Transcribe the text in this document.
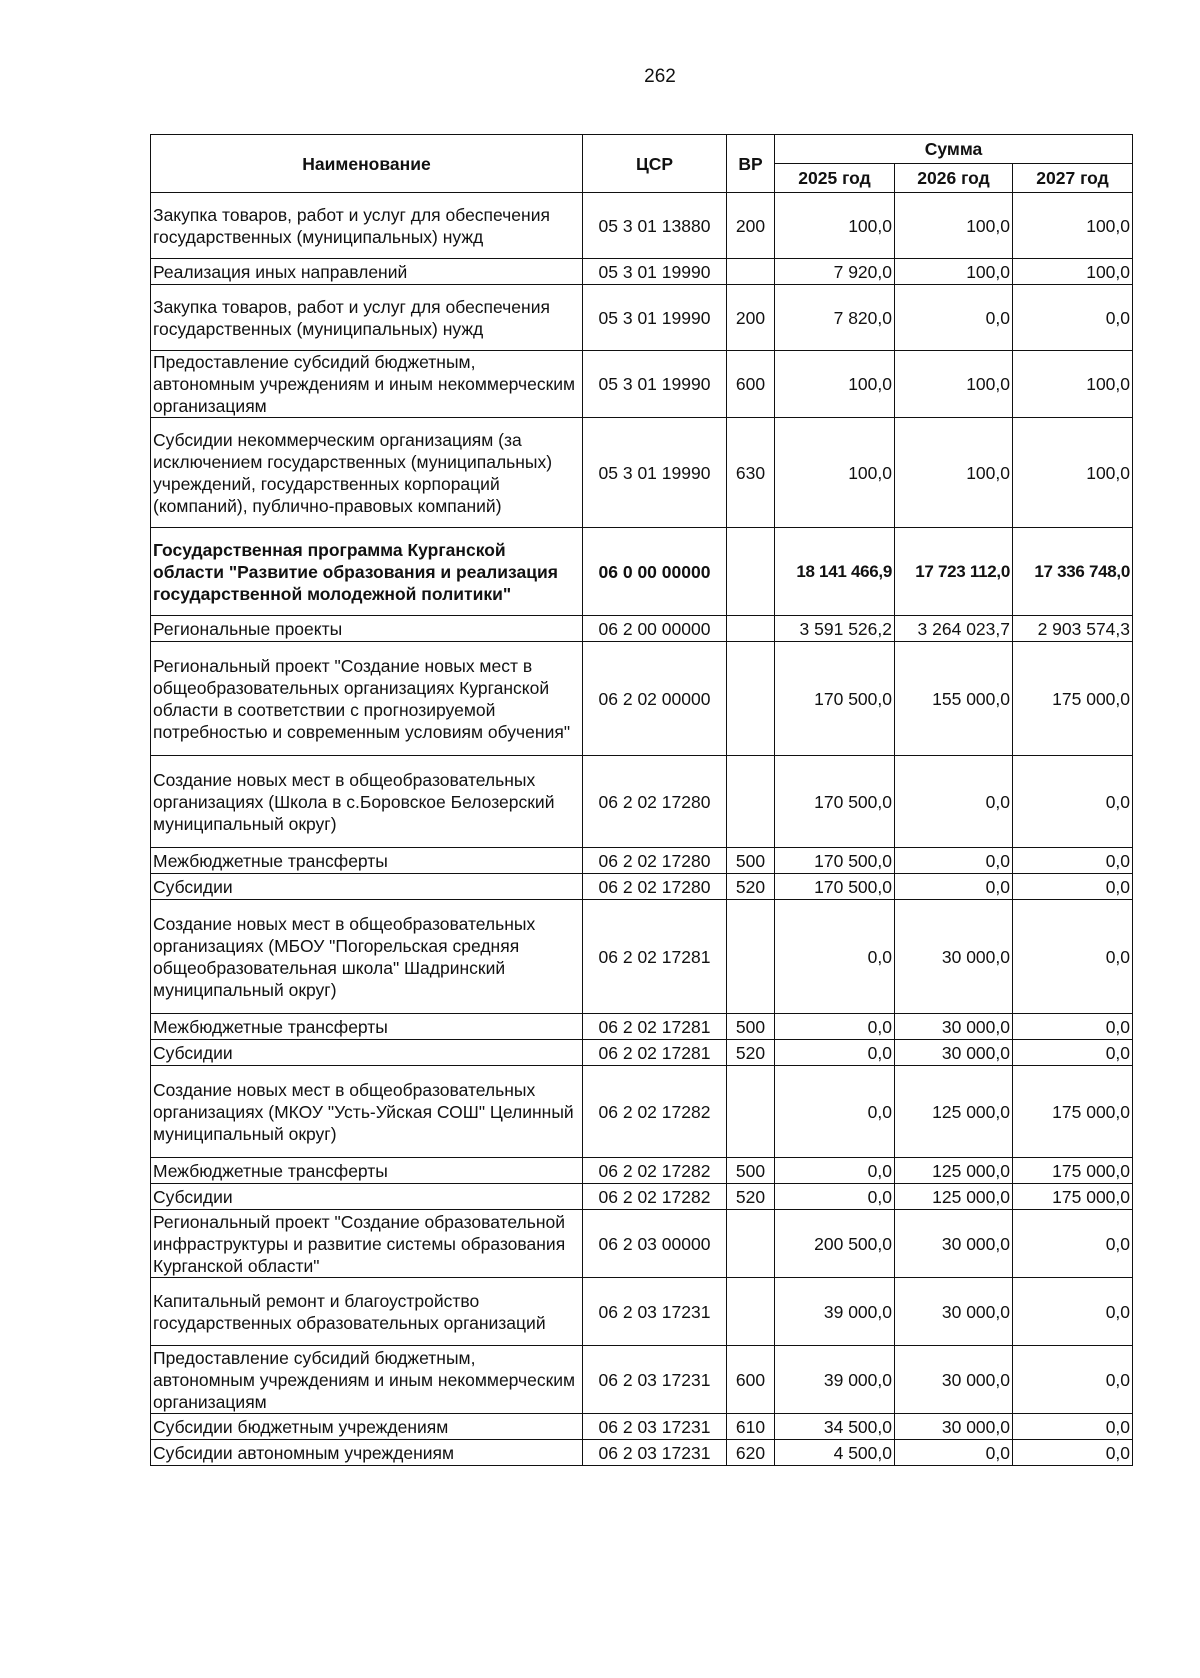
262
Наименование	ЦСР	ВР	Сумма		
			2025 год	2026 год	2027 год
Закупка товаров, работ и услуг для обеспечения государственных (муниципальных) нужд	05 3 01 13880	200	100,0	100,0	100,0
Реализация иных направлений	05 3 01 19990		7 920,0	100,0	100,0
Закупка товаров, работ и услуг для обеспечения государственных (муниципальных) нужд	05 3 01 19990	200	7 820,0	0,0	0,0
Предоставление субсидий бюджетным, автономным учреждениям и иным некоммерческим организациям	05 3 01 19990	600	100,0	100,0	100,0
Субсидии некоммерческим организациям (за исключением государственных (муниципальных) учреждений, государственных корпораций (компаний), публично-правовых компаний)	05 3 01 19990	630	100,0	100,0	100,0
Государственная программа Курганской области "Развитие образования и реализация государственной молодежной политики"	06 0 00 00000		18 141 466,9	17 723 112,0	17 336 748,0
Региональные проекты	06 2 00 00000		3 591 526,2	3 264 023,7	2 903 574,3
Региональный проект "Создание новых мест в общеобразовательных организациях Курганской области в соответствии с прогнозируемой потребностью и современным условиям обучения"	06 2 02 00000		170 500,0	155 000,0	175 000,0
Создание новых мест в общеобразовательных организациях (Школа в с.Боровское Белозерский муниципальный округ)	06 2 02 17280		170 500,0	0,0	0,0
Межбюджетные трансферты	06 2 02 17280	500	170 500,0	0,0	0,0
Субсидии	06 2 02 17280	520	170 500,0	0,0	0,0
Создание новых мест в общеобразовательных организациях (МБОУ "Погорельская средняя общеобразовательная школа" Шадринский муниципальный округ)	06 2 02 17281		0,0	30 000,0	0,0
Межбюджетные трансферты	06 2 02 17281	500	0,0	30 000,0	0,0
Субсидии	06 2 02 17281	520	0,0	30 000,0	0,0
Создание новых мест в общеобразовательных организациях (МКОУ "Усть-Уйская СОШ" Целинный муниципальный округ)	06 2 02 17282		0,0	125 000,0	175 000,0
Межбюджетные трансферты	06 2 02 17282	500	0,0	125 000,0	175 000,0
Субсидии	06 2 02 17282	520	0,0	125 000,0	175 000,0
Региональный проект "Создание образовательной инфраструктуры и развитие системы образования Курганской области"	06 2 03 00000		200 500,0	30 000,0	0,0
Капитальный ремонт и благоустройство государственных образовательных организаций	06 2 03 17231		39 000,0	30 000,0	0,0
Предоставление субсидий бюджетным, автономным учреждениям и иным некоммерческим организациям	06 2 03 17231	600	39 000,0	30 000,0	0,0
Субсидии бюджетным учреждениям	06 2 03 17231	610	34 500,0	30 000,0	0,0
Субсидии автономным учреждениям	06 2 03 17231	620	4 500,0	0,0	0,0
